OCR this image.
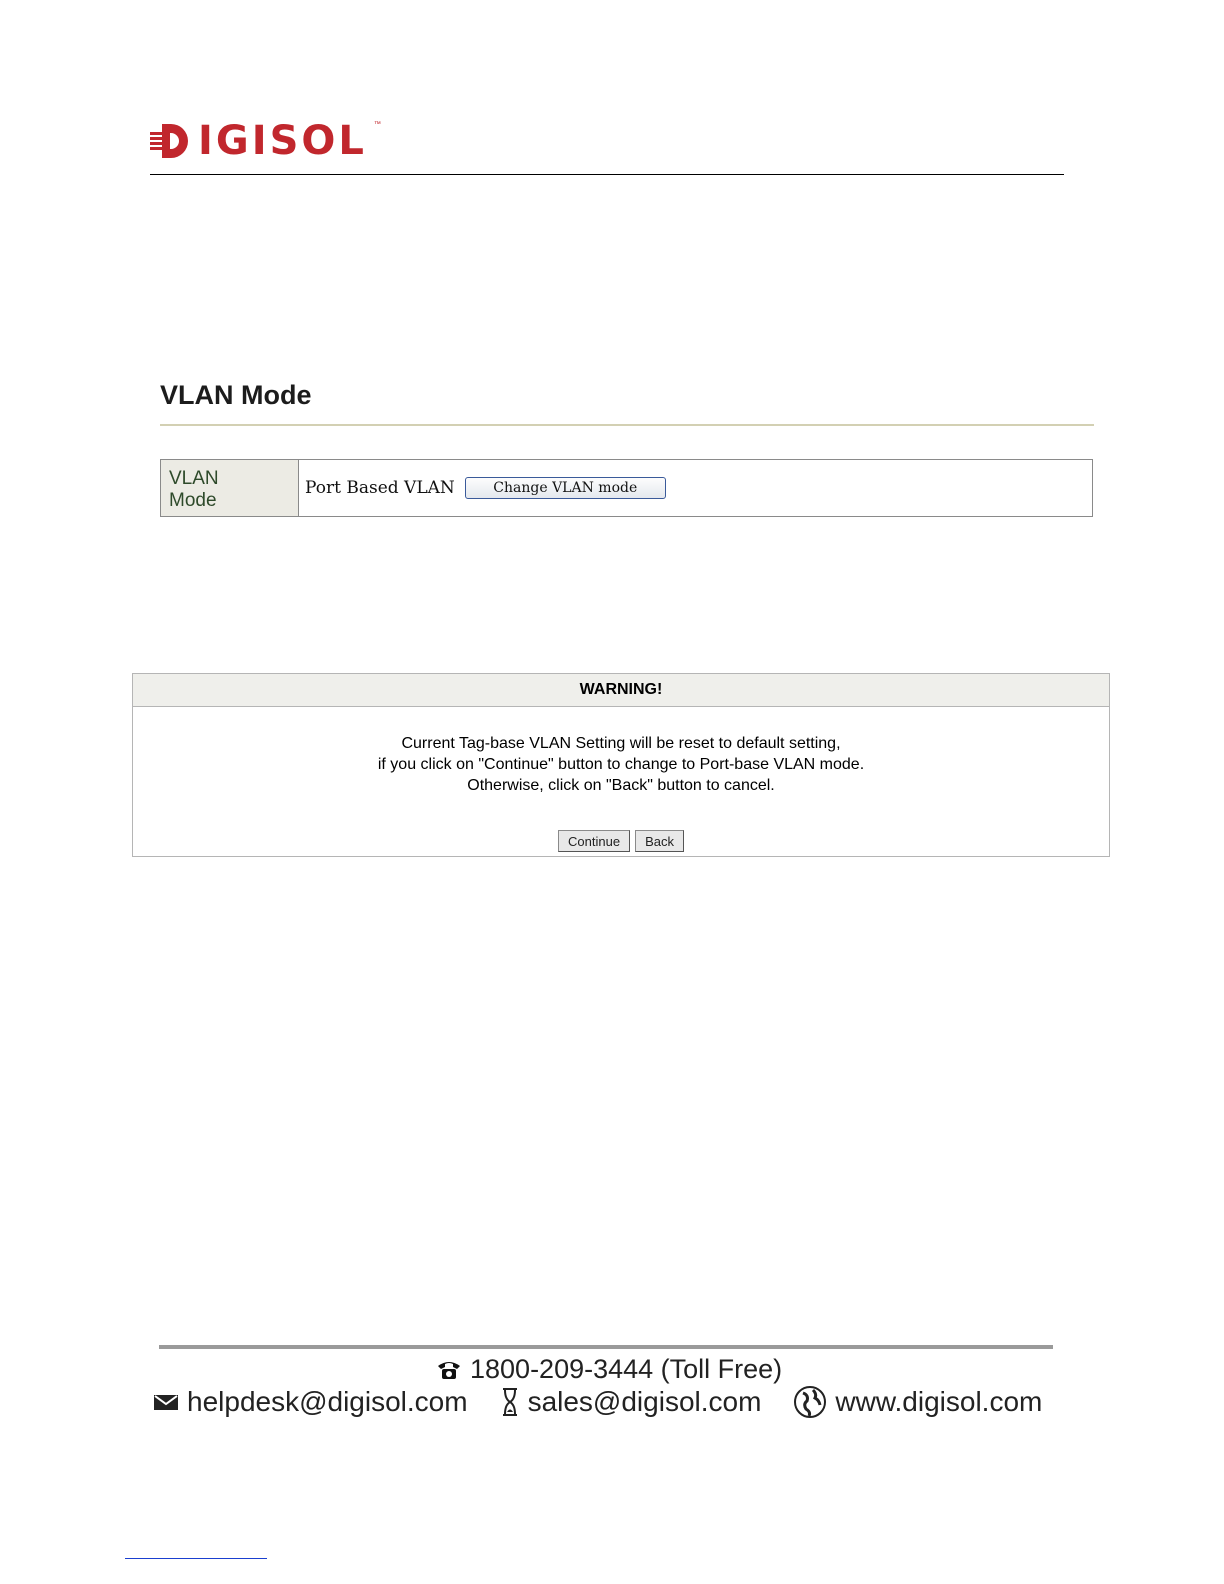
IGISOL ™
VLAN Mode
VLAN Mode
Port Based VLAN	Change VLAN mode
WARNING!
Current Tag-base VLAN Setting will be reset to default setting,
if you click on "Continue" button to change to Port-base VLAN mode.
Otherwise, click on "Back" button to cancel.
Continue	Back
1800-209-3444 (Toll Free)
helpdesk@digisol.com sales@digisol.com	www.digisol.com
